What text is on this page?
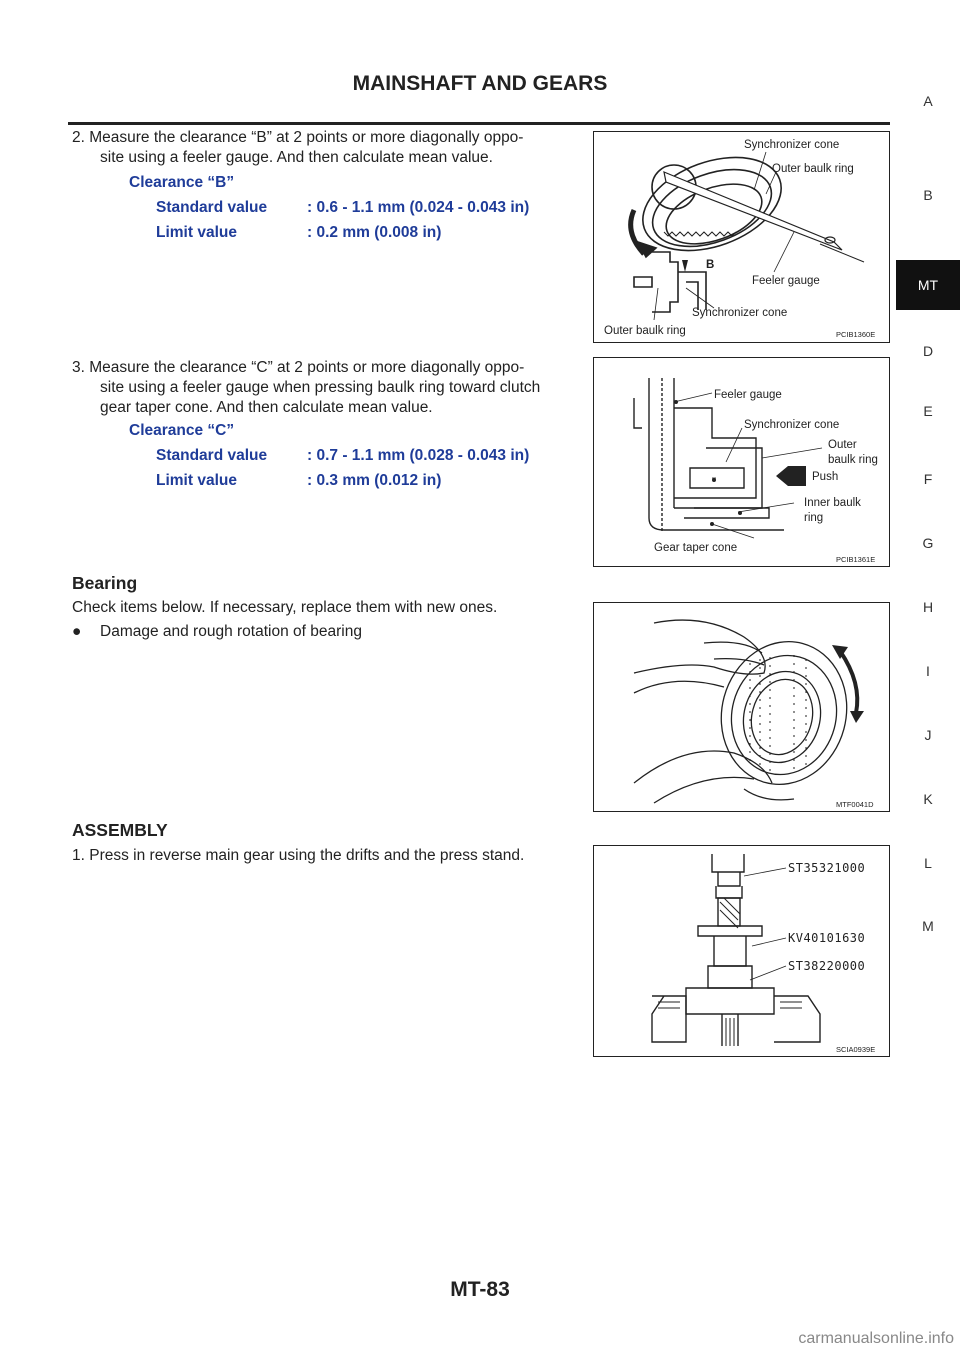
MAINSHAFT AND GEARS
A
B
MT
D
E
F
G
H
I
J
K
L
M
2. Measure the clearance “B” at 2 points or more diagonally oppo-
site using a feeler gauge. And then calculate mean value.
Clearance “B”
Standard value	: 0.6 - 1.1 mm (0.024 - 0.043 in)
Limit value	: 0.2 mm (0.008 in)
B
Synchronizer cone
Outer baulk ring
Feeler gauge
Synchronizer cone
Outer baulk ring	PCIB1360E
3. Measure the clearance “C” at 2 points or more diagonally oppo-
site using a feeler gauge when pressing baulk ring toward clutch
gear taper cone. And then calculate mean value.
Clearance “C”
Standard value	: 0.7 - 1.1 mm (0.028 - 0.043 in)
Limit value	: 0.3 mm (0.012 in)
Feeler gauge
Synchronizer cone
Outer
baulk ring
Push
Inner baulk
ring
Gear taper cone
PCIB1361E
Bearing
Check items below. If necessary, replace them with new ones.
●	Damage and rough rotation of bearing
MTF0041D
ASSEMBLY
1. Press in reverse main gear using the drifts and the press stand.
ST35321000
KV40101630
ST38220000
SCIA0939E
MT-83
carmanualsonline.info
